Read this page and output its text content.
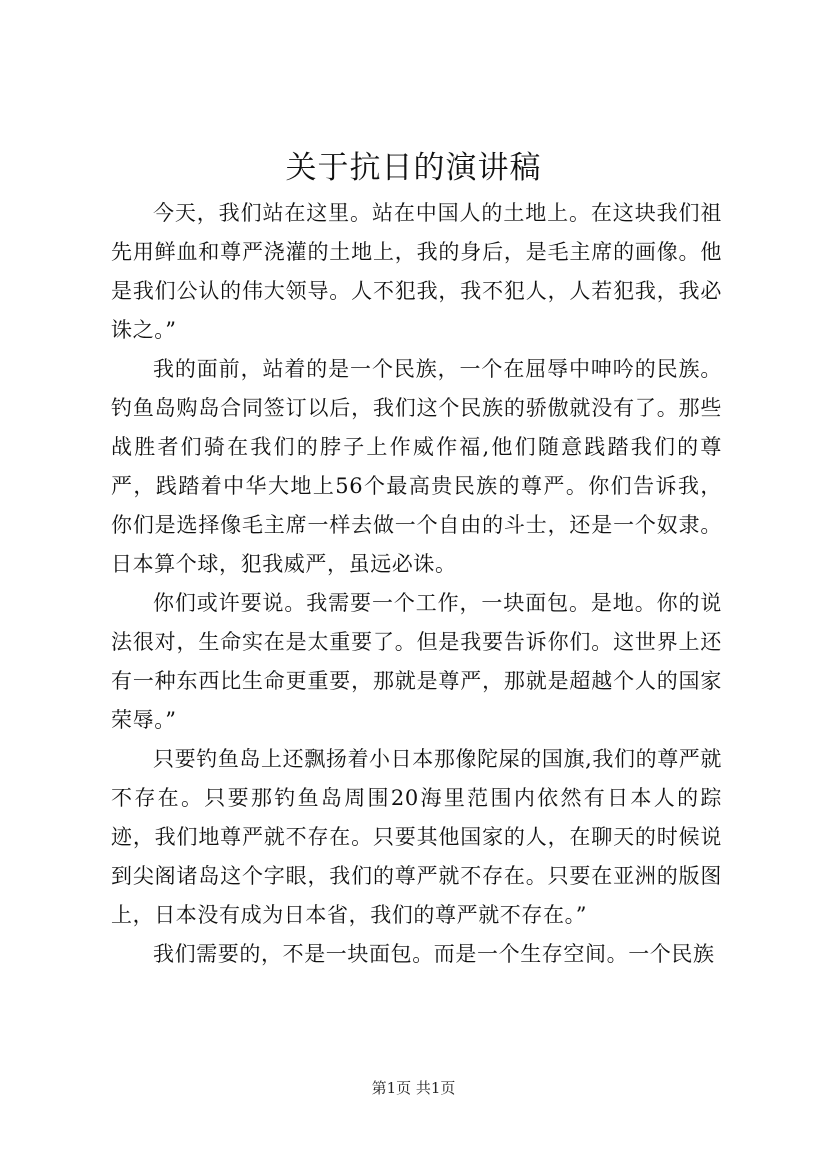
关于抗日的演讲稿

今天，我们站在这里。站在中国人的土地上。在这块我们祖先用鲜血和尊严浇灌的土地上，我的身后，是毛主席的画像。他是我们公认的伟大领导。人不犯我，我不犯人，人若犯我，我必诛之。”

我的面前，站着的是一个民族，一个在屈辱中呻吟的民族。钓鱼岛购岛合同签订以后，我们这个民族的骄傲就没有了。那些战胜者们骑在我们的脖子上作威作福,他们随意践踏我们的尊严，践踏着中华大地上56个最高贵民族的尊严。你们告诉我，你们是选择像毛主席一样去做一个自由的斗士，还是一个奴隶。日本算个球，犯我威严，虽远必诛。

你们或许要说。我需要一个工作，一块面包。是地。你的说法很对，生命实在是太重要了。但是我要告诉你们。这世界上还有一种东西比生命更重要，那就是尊严，那就是超越个人的国家荣辱。”

只要钓鱼岛上还飘扬着小日本那像陀屎的国旗,我们的尊严就不存在。只要那钓鱼岛周围20海里范围内依然有日本人的踪迹，我们地尊严就不存在。只要其他国家的人，在聊天的时候说到尖阁诸岛这个字眼，我们的尊严就不存在。只要在亚洲的版图上，日本没有成为日本省，我们的尊严就不存在。”

我们需要的，不是一块面包。而是一个生存空间。一个民族

第1页 共1页
